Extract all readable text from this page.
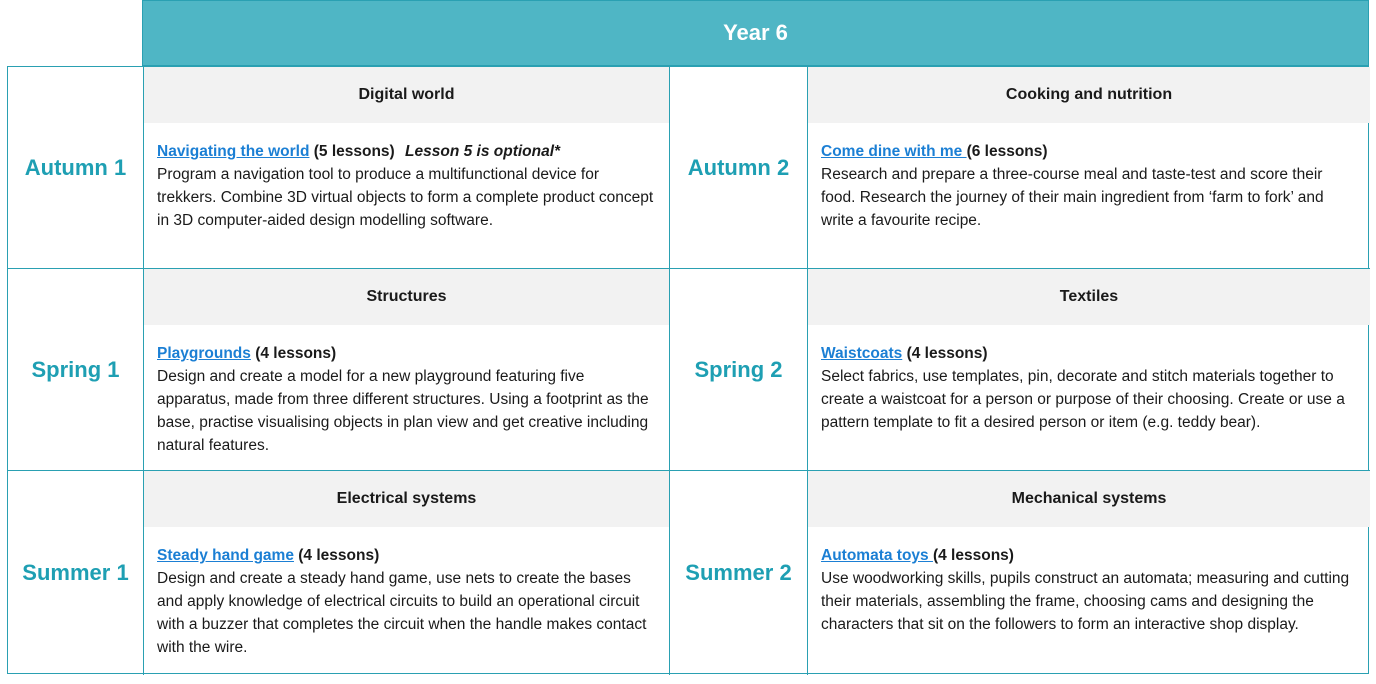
Year 6
Autumn 1
Digital world
Navigating the world (5 lessons) Lesson 5 is optional*
Program a navigation tool to produce a multifunctional device for trekkers. Combine 3D virtual objects to form a complete product concept in 3D computer-aided design modelling software.
Autumn 2
Cooking and nutrition
Come dine with me (6 lessons)
Research and prepare a three-course meal and taste-test and score their food. Research the journey of their main ingredient from ‘farm to fork’ and write a favourite recipe.
Spring 1
Structures
Playgrounds (4 lessons)
Design and create a model for a new playground featuring five apparatus, made from three different structures. Using a footprint as the base, practise visualising objects in plan view and get creative including natural features.
Spring 2
Textiles
Waistcoats (4 lessons)
Select fabrics, use templates, pin, decorate and stitch materials together to create a waistcoat for a person or purpose of their choosing. Create or use a pattern template to fit a desired person or item (e.g. teddy bear).
Summer 1
Electrical systems
Steady hand game (4 lessons)
Design and create a steady hand game, use nets to create the bases and apply knowledge of electrical circuits to build an operational circuit with a buzzer that completes the circuit when the handle makes contact with the wire.
Summer 2
Mechanical systems
Automata toys (4 lessons)
Use woodworking skills, pupils construct an automata; measuring and cutting their materials, assembling the frame, choosing cams and designing the characters that sit on the followers to form an interactive shop display.
